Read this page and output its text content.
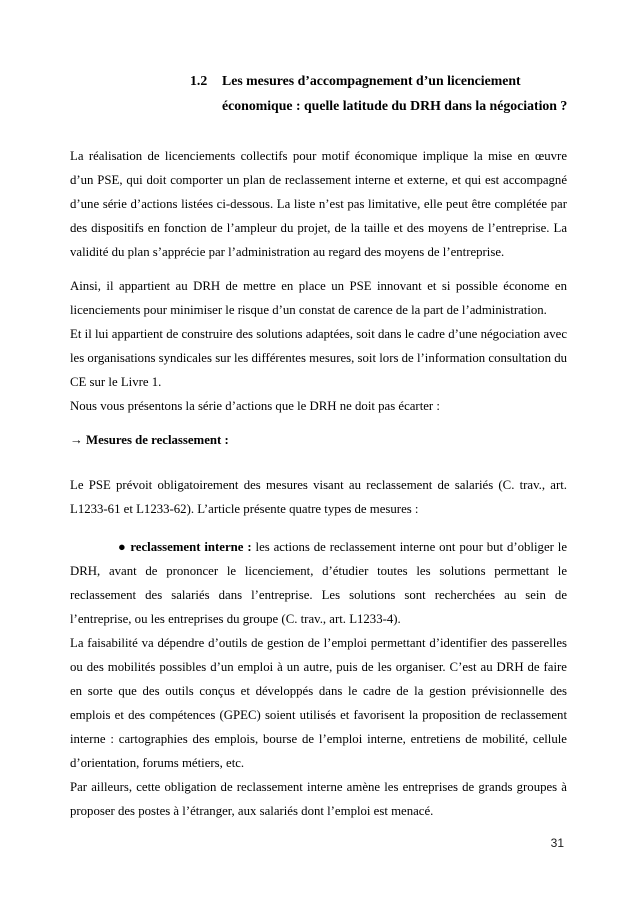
1.2	Les mesures d’accompagnement d’un licenciement
économique : quelle latitude du DRH dans la négociation ?

La réalisation de licenciements collectifs pour motif économique implique la mise en œuvre d’un PSE, qui doit comporter un plan de reclassement interne et externe, et qui est accompagné d’une série d’actions listées ci-dessous. La liste n’est pas limitative, elle peut être complétée par des dispositifs en fonction de l’ampleur du projet, de la taille et des moyens de l’entreprise. La validité du plan s’apprécie par l’administration au regard des moyens de l’entreprise.

Ainsi, il appartient au DRH de mettre en place un PSE innovant et si possible économe en licenciements pour minimiser le risque d’un constat de carence de la part de l’administration.

Et il lui appartient de construire des solutions adaptées, soit dans le cadre d’une négociation avec les organisations syndicales sur les différentes mesures, soit lors de l’information consultation du CE sur le Livre 1.

Nous vous présentons la série d’actions que le DRH ne doit pas écarter :

→ Mesures de reclassement :

Le PSE prévoit obligatoirement des mesures visant au reclassement de salariés (C. trav., art. L1233-61 et L1233-62). L’article présente quatre types de mesures :

● reclassement interne : les actions de reclassement interne ont pour but d’obliger le DRH, avant de prononcer le licenciement, d’étudier toutes les solutions permettant le reclassement des salariés dans l’entreprise. Les solutions sont recherchées au sein de l’entreprise, ou les entreprises du groupe (C. trav., art. L1233-4).

La faisabilité va dépendre d’outils de gestion de l’emploi permettant d’identifier des passerelles ou des mobilités possibles d’un emploi à un autre, puis de les organiser. C’est au DRH de faire en sorte que des outils conçus et développés dans le cadre de la gestion prévisionnelle des emplois et des compétences (GPEC) soient utilisés et favorisent la proposition de reclassement interne : cartographies des emplois, bourse de l’emploi interne, entretiens de mobilité, cellule d’orientation, forums métiers, etc.

Par ailleurs, cette obligation de reclassement interne amène les entreprises de grands groupes à proposer des postes à l’étranger, aux salariés dont l’emploi est menacé.

31
